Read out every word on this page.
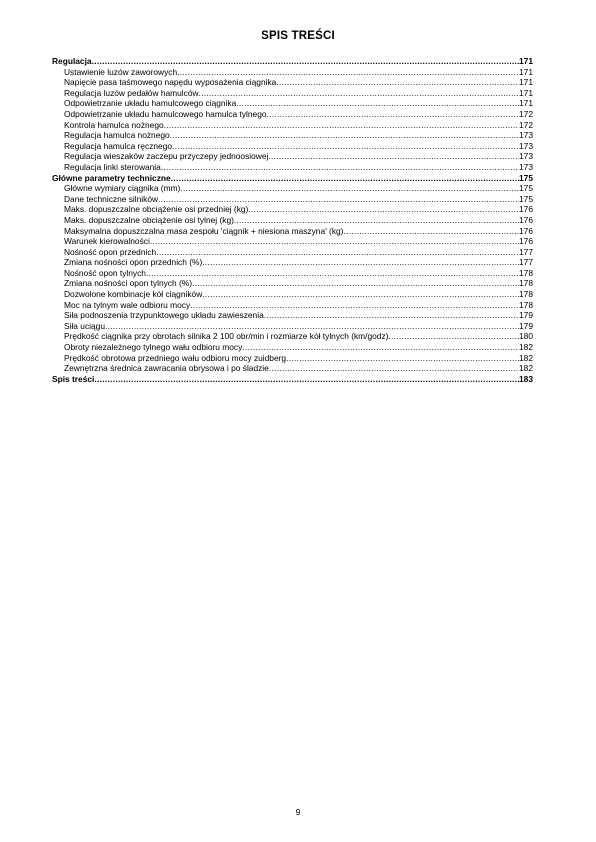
SPIS TREŚCI
Regulacja .....	171
Ustawienie luzów zaworowych .....	171
Napięcie pasa taśmowego napędu wyposażenia ciągnika .....	171
Regulacja luzów pedałów hamulców .....	171
Odpowietrzanie układu hamulcowego ciągnika .....	171
Odpowietrzanie układu hamulcowego hamulca tylnego .....	172
Kontrola hamulca nożnego .....	172
Regulacja hamulca nożnego .....	173
Regulacja hamulca ręcznego .....	173
Regulacja wieszaków zaczepu przyczepy jednoosiowej .....	173
Regulacja linki sterowania .....	173
Główne parametry techniczne .....	175
Główne wymiary ciągnika (mm) .....	175
Dane techniczne silników .....	175
Maks. dopuszczalne obciążenie osi przedniej (kg) .....	176
Maks. dopuszczalne obciążenie osi tylnej (kg) .....	176
Maksymalna dopuszczalna masa zespołu 'ciągnik + niesiona maszyna' (kg) .....	176
Warunek kierowalności .....	176
Nośność opon przednich .....	177
Zmiana nośności opon przednich (%) .....	177
Nośność opon tylnych .....	178
Zmiana nośności opon tylnych (%) .....	178
Dozwolone kombinacje kół ciągników .....	178
Moc na tylnym wale odbioru mocy .....	178
Siła podnoszenia trzypunktowego układu zawieszenia .....	179
Siła uciągu .....	179
Prędkość ciągnika przy obrotach silnika 2 100 obr/min i rozmiarze kół tylnych (km/godz) .....	180
Obroty niezależnego tylnego wału odbioru mocy .....	182
Prędkość obrotowa przedniego wału odbioru mocy zuidberg .....	182
Zewnętrzna średnica zawracania obrysowa i po śladzie .....	182
Spis treści .....	183
9
